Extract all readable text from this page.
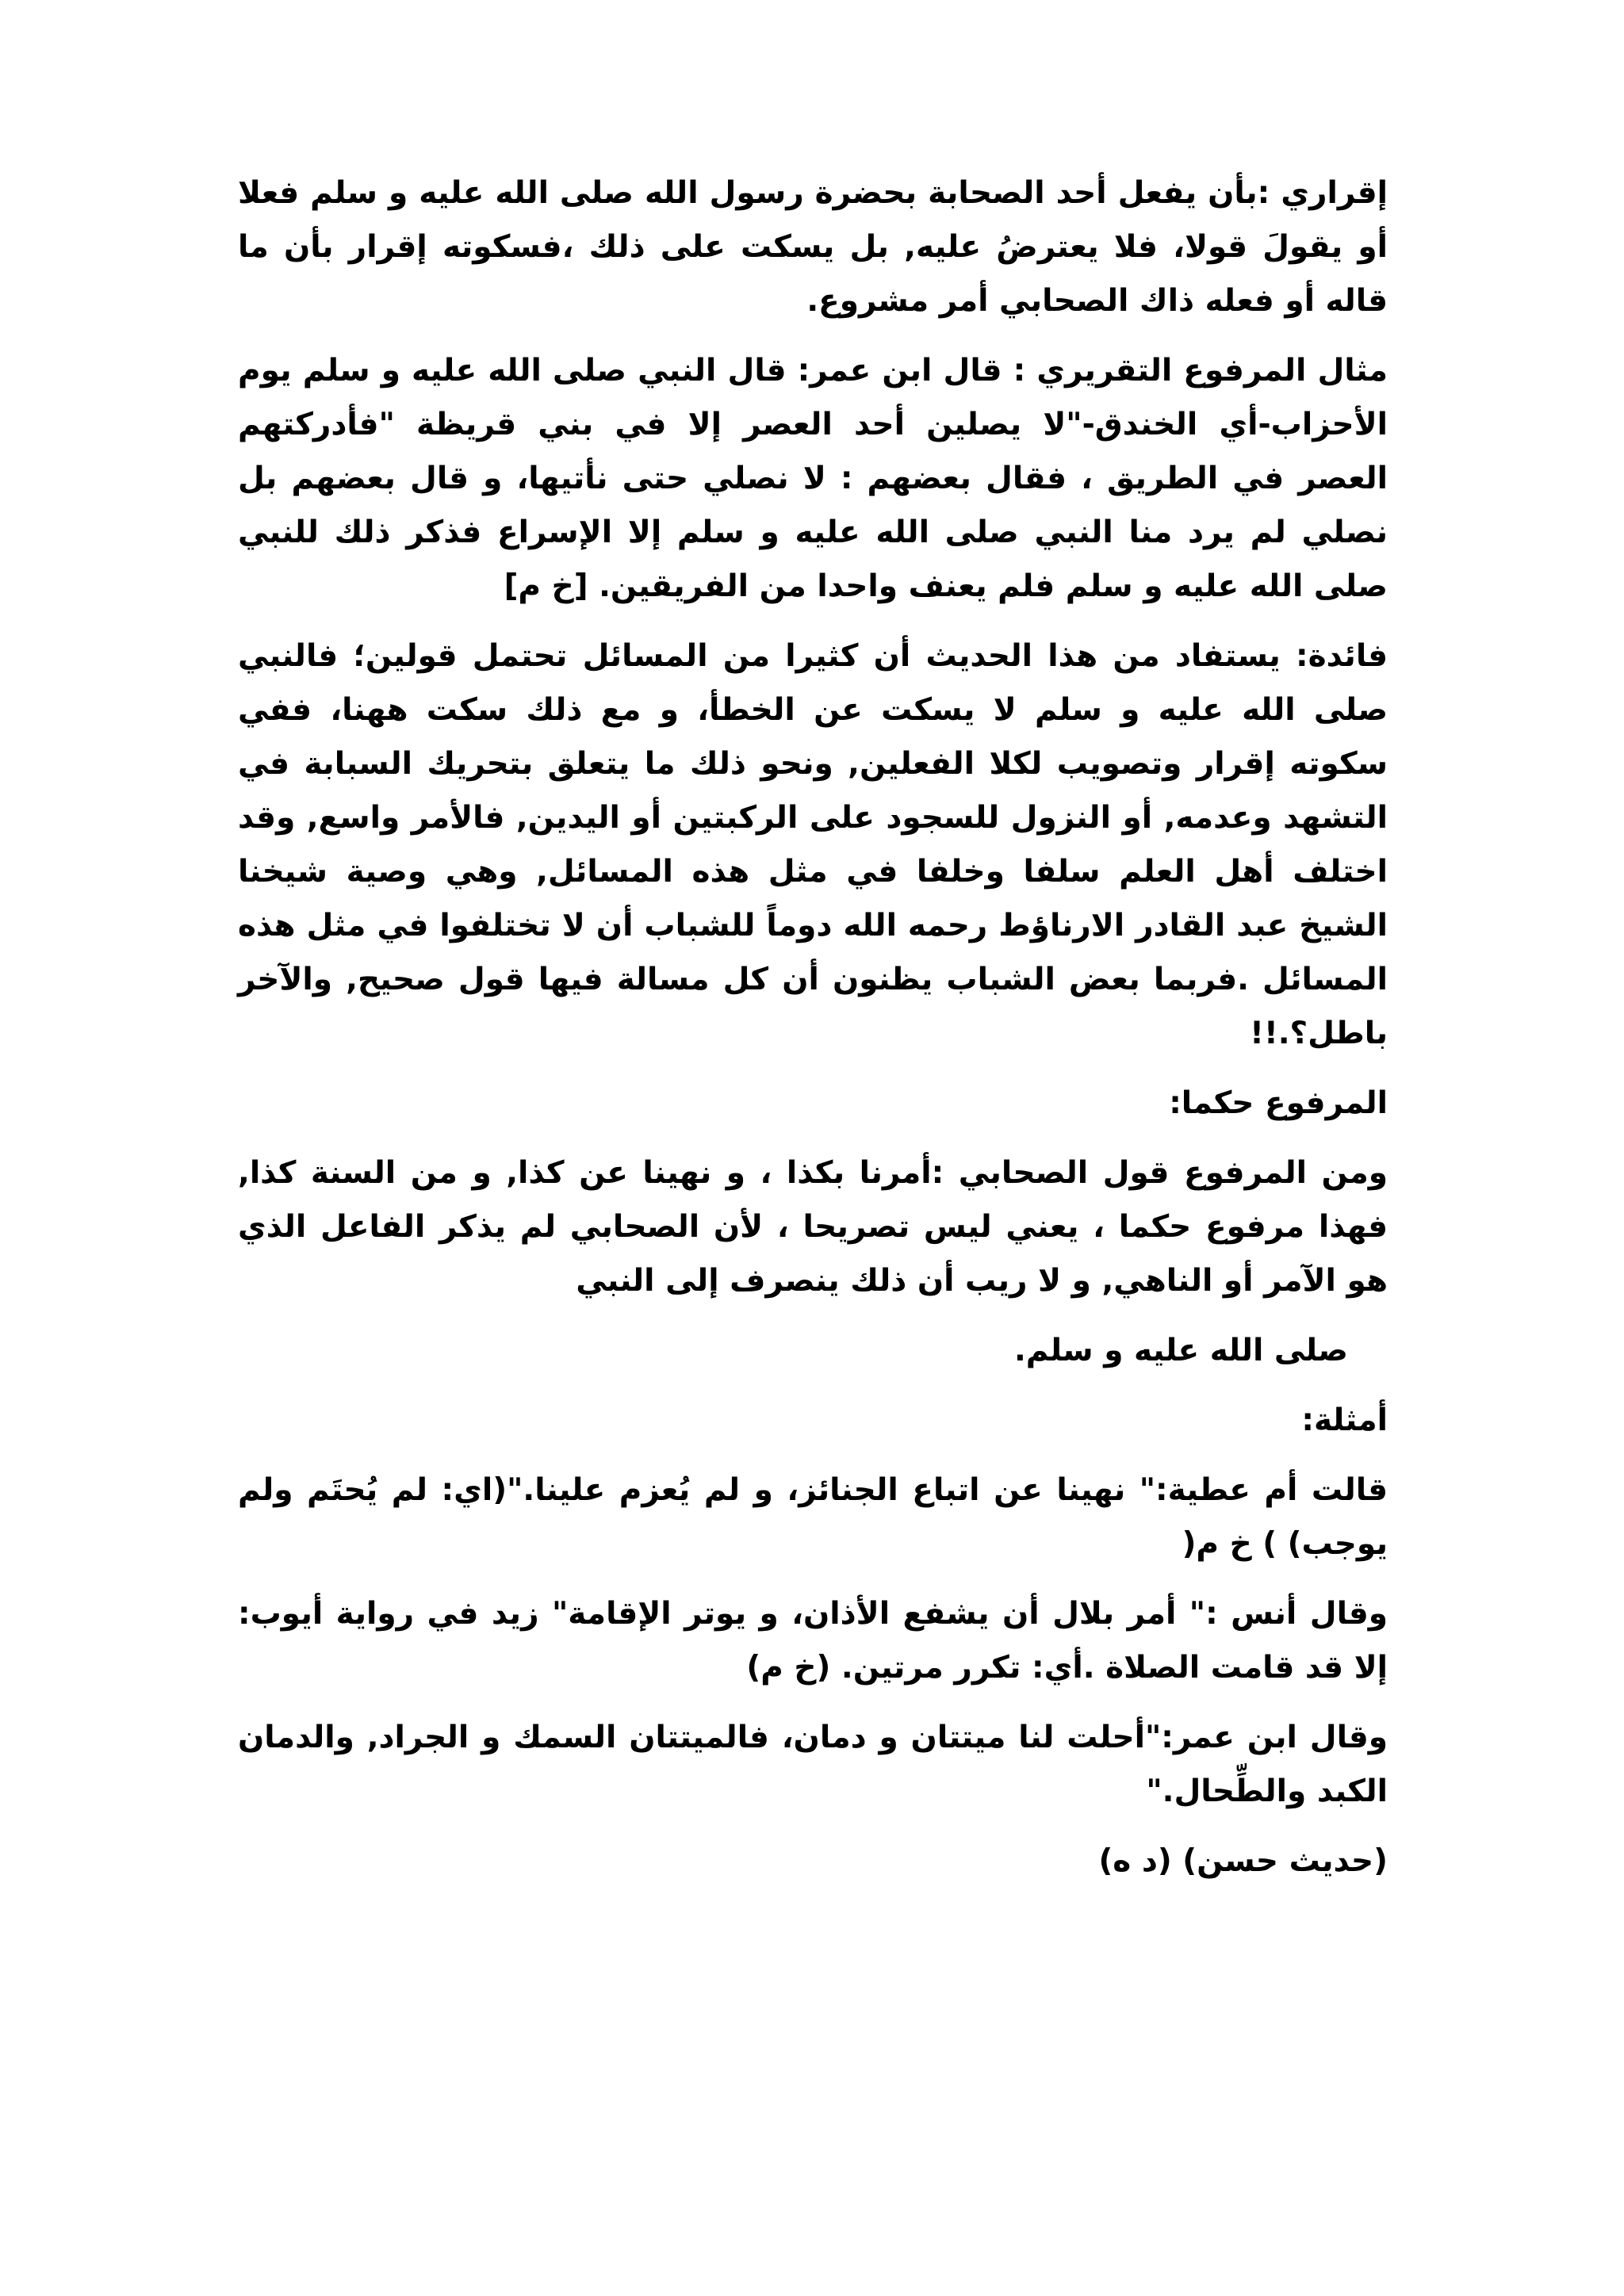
إقراري :بأن يفعل أحد الصحابة بحضرة رسول الله صلى الله عليه و سلم فعلا أو يقولَ قولا، فلا يعترضُ عليه, بل يسكت على ذلك ،فسكوته إقرار بأن ما قاله أو فعله ذاك الصحابي أمر مشروع.

مثال المرفوع التقريري : قال ابن عمر: قال النبي صلى الله عليه و سلم يوم الأحزاب-أي الخندق-"لا يصلين أحد العصر إلا في بني قريظة "فأدركتهم العصر في الطريق ، فقال بعضهم : لا نصلي حتى نأتيها، و قال بعضهم بل نصلي لم يرد منا النبي صلى الله عليه و سلم إلا الإسراع فذكر ذلك للنبي صلى الله عليه و سلم فلم يعنف واحدا من الفريقين. [خ م]

فائدة: يستفاد من هذا الحديث أن كثيرا من المسائل تحتمل قولين؛ فالنبي صلى الله عليه و سلم لا يسكت عن الخطأ، و مع ذلك سكت ههنا، ففي سكوته إقرار وتصويب لكلا الفعلين, ونحو ذلك ما يتعلق بتحريك السبابة في التشهد وعدمه, أو النزول للسجود على الركبتين أو اليدين, فالأمر واسع, وقد اختلف أهل العلم سلفا وخلفا في مثل هذه المسائل, وهي وصية شيخنا الشيخ عبد القادر الارناؤط رحمه الله دوماً للشباب أن لا تختلفوا في مثل هذه المسائل .فربما بعض الشباب يظنون أن كل مسالة فيها قول صحيح, والآخر باطل؟.!!

المرفوع حكما:

ومن المرفوع قول الصحابي :أمرنا بكذا ، و نهينا عن كذا, و من السنة كذا, فهذا مرفوع حكما ، يعني ليس تصريحا ، لأن الصحابي لم يذكر الفاعل الذي هو الآمر أو الناهي, و لا ريب أن ذلك ينصرف إلى النبي

صلى الله عليه و سلم.

أمثلة:

قالت أم عطية:" نهينا عن اتباع الجنائز، و لم يُعزم علينا."(اي: لم يُحتَم ولم يوجب) ) خ م(

وقال أنس :" أمر بلال أن يشفع الأذان، و يوتر الإقامة" زيد في رواية أيوب: إلا قد قامت الصلاة .أي: تكرر مرتين. (خ م)

وقال ابن عمر:"أحلت لنا ميتتان و دمان، فالميتتان السمك و الجراد, والدمان الكبد والطِّحال."

(حديث حسن) (د ه)
